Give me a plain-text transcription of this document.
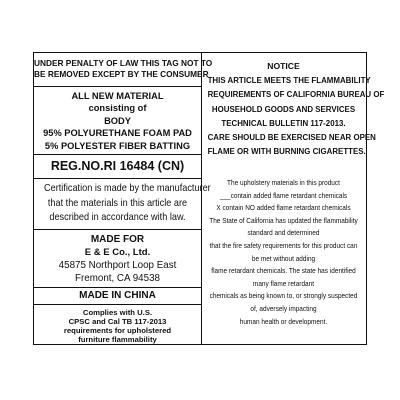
UNDER PENALTY OF LAW THIS TAG NOT TO
BE REMOVED EXCEPT BY THE CONSUMER
ALL NEW MATERIAL
consisting of
BODY
95% POLYURETHANE FOAM PAD
5% POLYESTER FIBER BATTING
REG.NO.RI 16484 (CN)
Certification is made by the manufacturer
that the materials in this article are
described in accordance with law.
MADE FOR
E & E Co., Ltd.
45875 Northport Loop East
Fremont, CA 94538
MADE IN CHINA
Complies with U.S.
CPSC and Cal TB 117-2013
requirements for upholstered
furniture flammability
NOTICE
THIS ARTICLE MEETS THE FLAMMABILITY
REQUIREMENTS OF CALIFORNIA BUREAU OF
HOUSEHOLD GOODS AND SERVICES
TECHNICAL BULLETIN 117-2013.
CARE SHOULD BE EXERCISED NEAR OPEN
FLAME OR WITH BURNING CIGARETTES.
The upholstery materials in this product
___contain added flame retardant chemicals
X contain NO added flame retardant chemicals
The State of California has updated the flammability
standard and determined
that the fire safety requirements for this product can
be met without adding
flame retardant chemicals. The state has identified
many flame retardant
chemicals as being known to, or strongly suspected
of, adversely impacting
human health or development.
